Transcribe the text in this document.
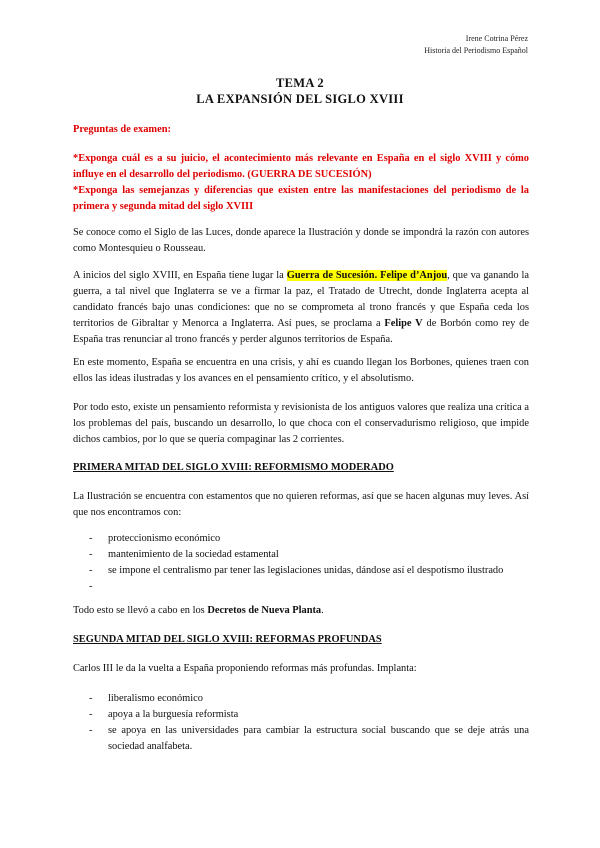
Irene Cotrina Pérez
Historia del Periodismo Español
TEMA 2
LA EXPANSIÓN DEL SIGLO XVIII
Preguntas de examen:
*Exponga cuál es a su juicio, el acontecimiento más relevante en España en el siglo XVIII y cómo influye en el desarrollo del periodismo. (GUERRA DE SUCESIÓN)
*Exponga las semejanzas y diferencias que existen entre las manifestaciones del periodismo de la primera y segunda mitad del siglo XVIII
Se conoce como el Siglo de las Luces, donde aparece la Ilustración y donde se impondrá la razón con autores como Montesquieu o Rousseau.
A inicios del siglo XVIII, en España tiene lugar la Guerra de Sucesión. Felipe d’Anjou, que va ganando la guerra, a tal nivel que Inglaterra se ve a firmar la paz, el Tratado de Utrecht, donde Inglaterra acepta al candidato francés bajo unas condiciones: que no se comprometa al trono francés y que España ceda los territorios de Gibraltar y Menorca a Inglaterra. Así pues, se proclama a Felipe V de Borbón como rey de España tras renunciar al trono francés y perder algunos territorios de España.
En este momento, España se encuentra en una crisis, y ahí es cuando llegan los Borbones, quienes traen con ellos las ideas ilustradas y los avances en el pensamiento crítico, y el absolutismo.
Por todo esto, existe un pensamiento reformista y revisionista de los antiguos valores que realiza una crítica a los problemas del país, buscando un desarrollo, lo que choca con el conservadurismo religioso, que impide dichos cambios, por lo que se quería compaginar las 2 corrientes.
PRIMERA MITAD DEL SIGLO XVIII: REFORMISMO MODERADO
La Ilustración se encuentra con estamentos que no quieren reformas, así que se hacen algunas muy leves. Así que nos encontramos con:
- proteccionismo económico
- mantenimiento de la sociedad estamental
- se impone el centralismo par tener las legislaciones unidas, dándose así el despotismo ilustrado
-
Todo esto se llevó a cabo en los Decretos de Nueva Planta.
SEGUNDA MITAD DEL SIGLO XVIII: REFORMAS PROFUNDAS
Carlos III le da la vuelta a España proponiendo reformas más profundas. Implanta:
- liberalismo económico
- apoya a la burguesía reformista
- se apoya en las universidades para cambiar la estructura social buscando que se deje atrás una sociedad analfabeta.
